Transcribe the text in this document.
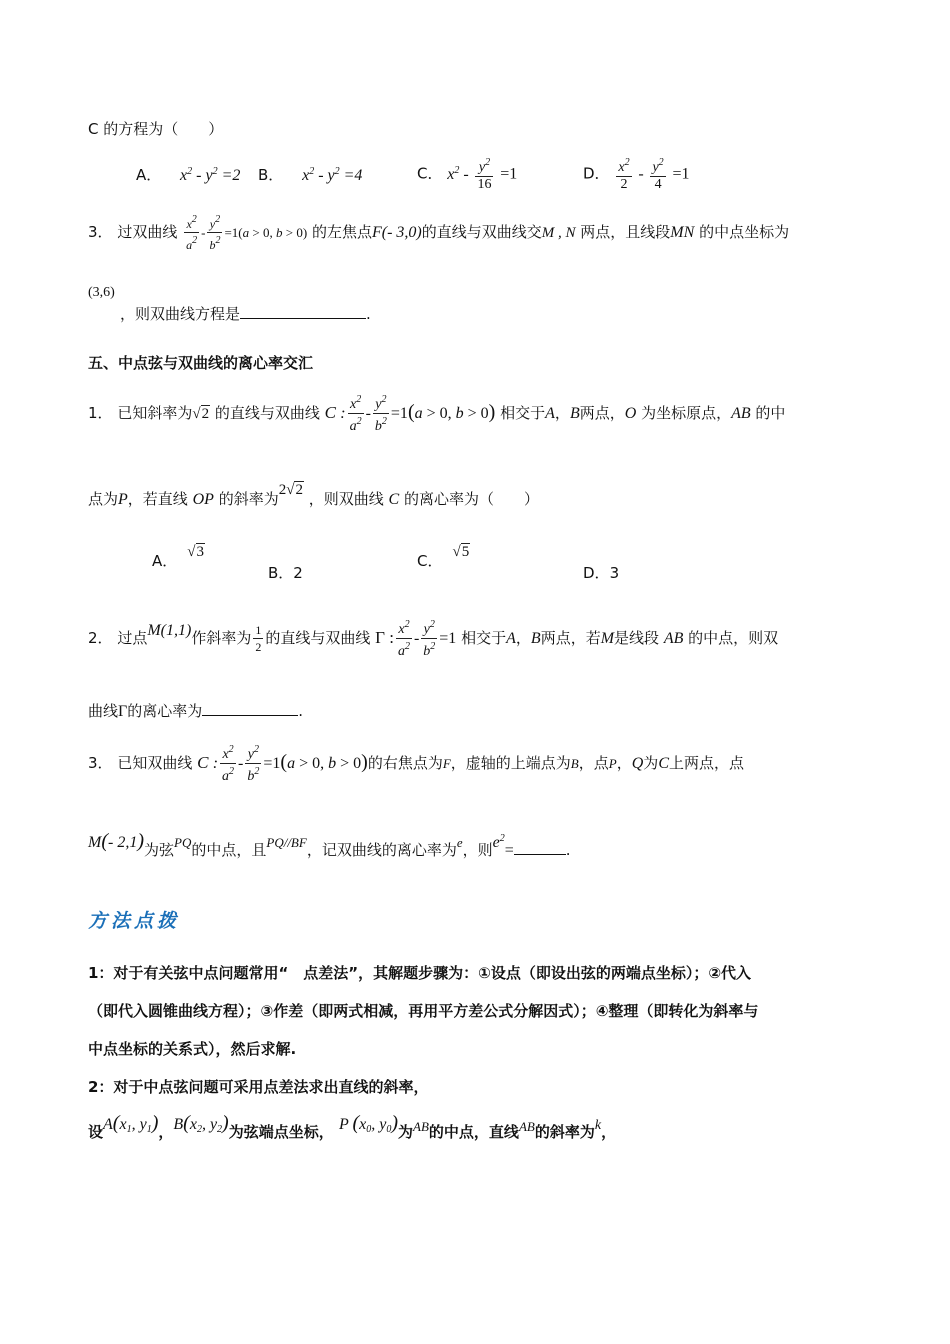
C 的方程为（　　）
A． $x^2 - y^2 =2$ B． $x^2 - y^2 =4$	C． $x^2 - \frac{y^2}{16} =1$	D． $\frac{x^2}{2} - \frac{y^2}{4} =1$
3． 过双曲线 $\frac{x^2}{a^2} - \frac{y^2}{b^2} =1(a > 0$, b > 0) 的左焦点F(- 3,0)的直线与双曲线交M , N 两点，且线段MN 的中点坐标为
(3,6)
，则双曲线方程是	.
五、中点弦与双曲线的离心率交汇
1． 已知斜率为√2 的直线与双曲线 C : $\frac{x^2}{a^2} - \frac{y^2}{b^2} =1(a > 0$, b > 0) 相交于A，B两点，O 为坐标原点，AB 的中
点为P，若直线 OP 的斜率为2√2 ，则双曲线 C 的离心率为（　　）
A． √3
B．2
C． √5
D．3
2． 过点M(1,1)作斜率为 $\frac{1}{2}$ 的直线与双曲线 Γ : $\frac{x^2}{a^2} - \frac{y^2}{b^2} =1$ 相交于A，B两点，若M是线段 AB 的中点，则双
曲线Γ的离心率为	.
3． 已知双曲线 C : $\frac{x^2}{a^2} - \frac{y^2}{b^2} =1(a > 0$, b > 0)的右焦点为F，虚轴的上端点为B，点P，Q为C上两点，点
M(- 2,1)为弦PQ的中点，且PQ//BF，记双曲线的离心率为e，则$e^2=$	.
方法点拨
1：对于有关弦中点问题常用“　点差法”，其解题步骤为：①设点（即设出弦的两端点坐标）；②代入
（即代入圆锥曲线方程）；③作差（即两式相减，再用平方差公式分解因式）；④整理（即转化为斜率与
中点坐标的关系式），然后求解.
2：对于中点弦问题可采用点差法求出直线的斜率，
设$A(x_1$, $y_1$)，$B(x_2$, $y_2$)为弦端点坐标， P ($x_0$, $y_0$)为AB的中点，直线AB的斜率为k，
